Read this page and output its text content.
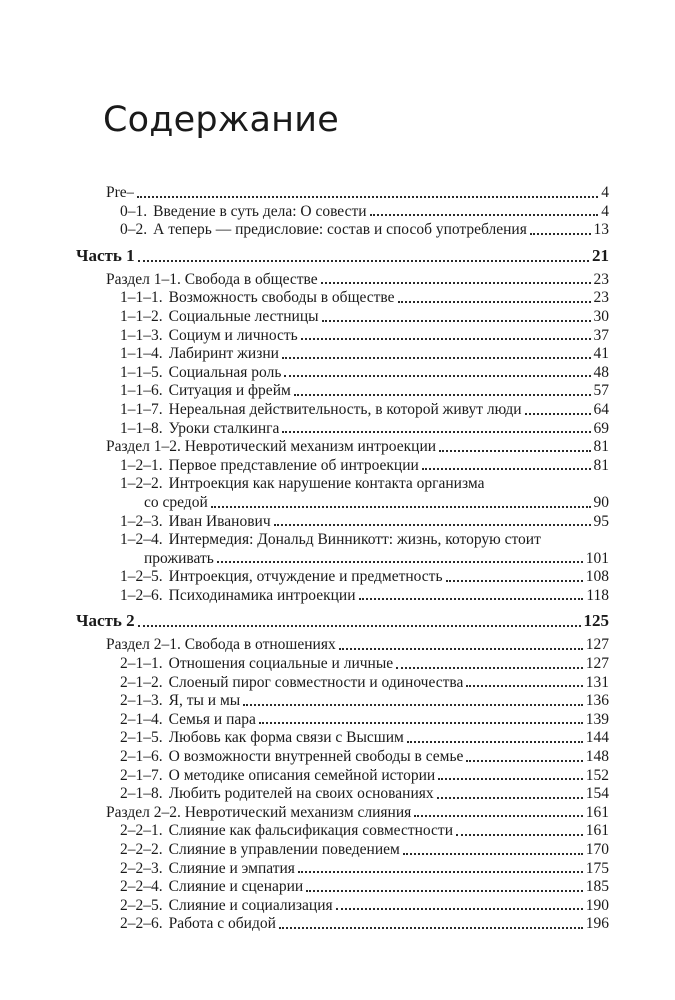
Содержание
Pre–	4
0–1. Введение в суть дела: О совести	4
0–2. А теперь — предисловие: состав и способ употребления	13
Часть 1	21
Раздел 1–1. Свобода в обществе	23
1–1–1. Возможность свободы в обществе	23
1–1–2. Социальные лестницы	30
1–1–3. Социум и личность	37
1–1–4. Лабиринт жизни	41
1–1–5. Социальная роль	48
1–1–6. Ситуация и фрейм	57
1–1–7. Нереальная действительность, в которой живут люди	64
1–1–8. Уроки сталкинга	69
Раздел 1–2. Невротический механизм интроекции	81
1–2–1. Первое представление об интроекции	81
1–2–2. Интроекция как нарушение контакта организма
со средой	90
1–2–3. Иван Иванович	95
1–2–4. Интермедия: Дональд Винникотт: жизнь, которую стоит
проживать	101
1–2–5. Интроекция, отчуждение и предметность	108
1–2–6. Психодинамика интроекции	118
Часть 2	125
Раздел 2–1. Свобода в отношениях	127
2–1–1. Отношения социальные и личные	127
2–1–2. Слоеный пирог совместности и одиночества	131
2–1–3. Я, ты и мы	136
2–1–4. Семья и пара	139
2–1–5. Любовь как форма связи с Высшим	144
2–1–6. О возможности внутренней свободы в семье	148
2–1–7. О методике описания семейной истории	152
2–1–8. Любить родителей на своих основаниях	154
Раздел 2–2. Невротический механизм слияния	161
2–2–1. Слияние как фальсификация совместности	161
2–2–2. Слияние в управлении поведением	170
2–2–3. Слияние и эмпатия	175
2–2–4. Слияние и сценарии	185
2–2–5. Слияние и социализация	190
2–2–6. Работа с обидой	196
